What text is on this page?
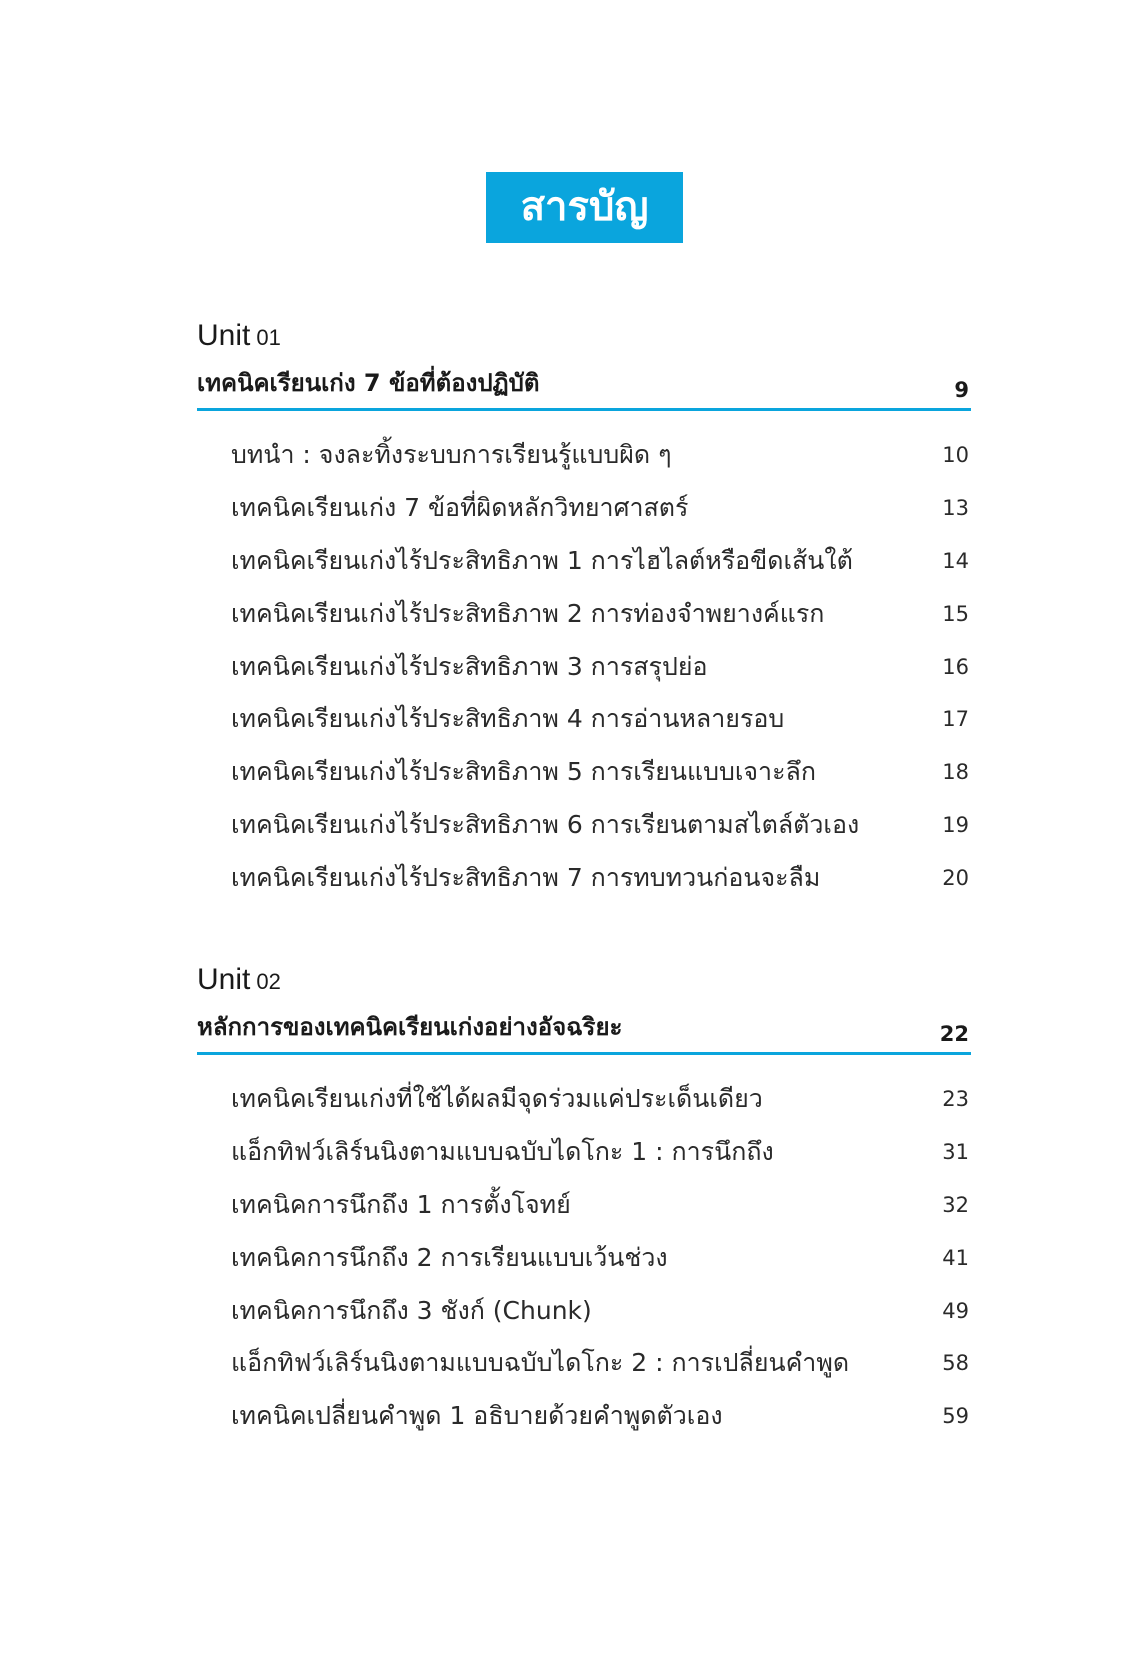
สารบัญ
Unit 01
เทคนิคเรียนเก่ง 7 ข้อที่ต้องปฏิบัติ	9
บทนำ : จงละทิ้งระบบการเรียนรู้แบบผิด ๆ	10
เทคนิคเรียนเก่ง 7 ข้อที่ผิดหลักวิทยาศาสตร์	13
เทคนิคเรียนเก่งไร้ประสิทธิภาพ 1 การไฮไลต์หรือขีดเส้นใต้	14
เทคนิคเรียนเก่งไร้ประสิทธิภาพ 2 การท่องจำพยางค์แรก	15
เทคนิคเรียนเก่งไร้ประสิทธิภาพ 3 การสรุปย่อ	16
เทคนิคเรียนเก่งไร้ประสิทธิภาพ 4 การอ่านหลายรอบ	17
เทคนิคเรียนเก่งไร้ประสิทธิภาพ 5 การเรียนแบบเจาะลึก	18
เทคนิคเรียนเก่งไร้ประสิทธิภาพ 6 การเรียนตามสไตล์ตัวเอง	19
เทคนิคเรียนเก่งไร้ประสิทธิภาพ 7 การทบทวนก่อนจะลืม	20
Unit 02
หลักการของเทคนิคเรียนเก่งอย่างอัจฉริยะ	22
เทคนิคเรียนเก่งที่ใช้ได้ผลมีจุดร่วมแค่ประเด็นเดียว	23
แอ็กทิฟว์เลิร์นนิงตามแบบฉบับไดโกะ 1 : การนึกถึง	31
เทคนิคการนึกถึง 1 การตั้งโจทย์	32
เทคนิคการนึกถึง 2 การเรียนแบบเว้นช่วง	41
เทคนิคการนึกถึง 3 ชังก์ (Chunk)	49
แอ็กทิฟว์เลิร์นนิงตามแบบฉบับไดโกะ 2 : การเปลี่ยนคำพูด	58
เทคนิคเปลี่ยนคำพูด 1 อธิบายด้วยคำพูดตัวเอง	59
